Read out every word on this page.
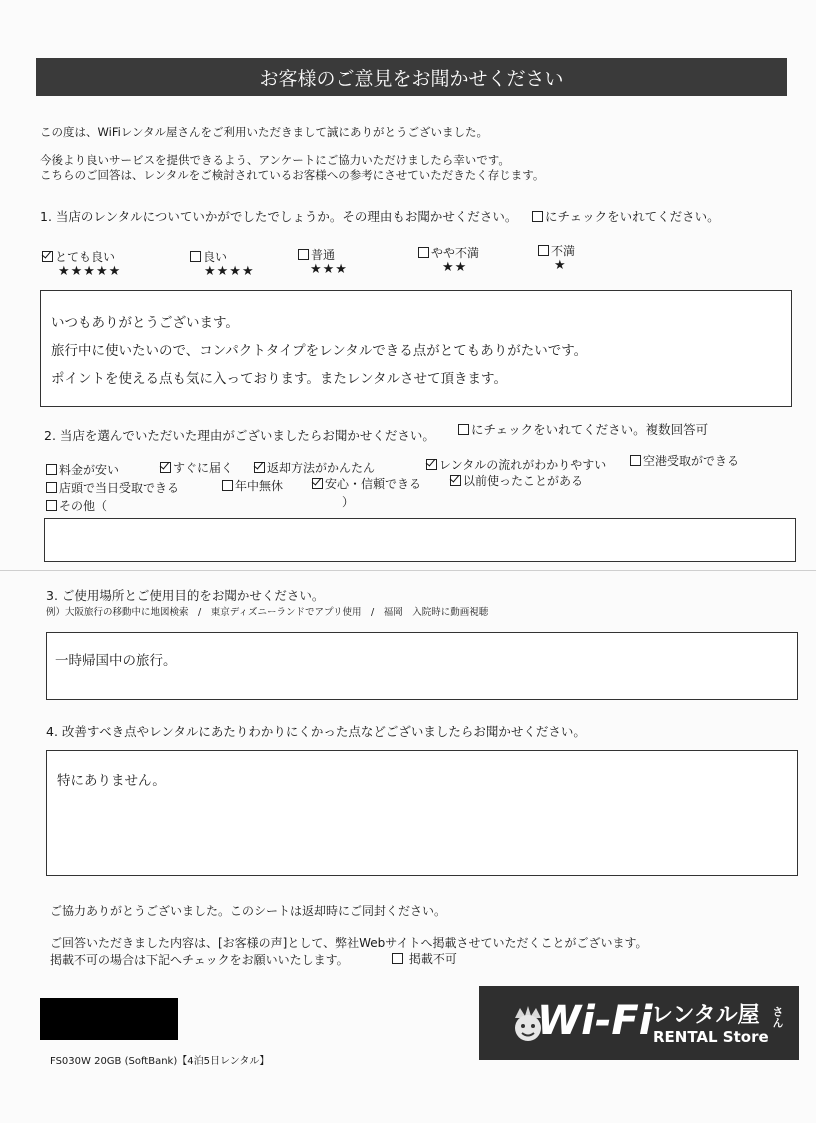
お客様のご意見をお聞かせください
この度は、WiFiレンタル屋さんをご利用いただきまして誠にありがとうございました。
今後より良いサービスを提供できるよう、アンケートにご協力いただけましたら幸いです。
こちらのご回答は、レンタルをご検討されているお客様への参考にさせていただきたく存じます。
1. 当店のレンタルについていかがでしたでしょうか。その理由もお聞かせください。	にチェックをいれてください。
とても良い
★★★★★
良い
★★★★
普通
★★★
やや不満
★★
不満
★
いつもありがとうございます。
旅行中に使いたいので、コンパクトタイプをレンタルできる点がとてもありがたいです。
ポイントを使える点も気に入っております。またレンタルさせて頂きます。
2. 当店を選んでいただいた理由がございましたらお聞かせください。	にチェックをいれてください。複数回答可
料金が安い	すぐに届く	返却方法がかんたん	レンタルの流れがわかりやすい	空港受取ができる
店頭で当日受取できる	年中無休	安心・信頼できる	以前使ったことがある
その他（	）
3. ご使用場所とご使用目的をお聞かせください。
例）大阪旅行の移動中に地図検索　/　東京ディズニーランドでアプリ使用　/　福岡　入院時に動画視聴
一時帰国中の旅行。
4. 改善すべき点やレンタルにあたりわかりにくかった点などございましたらお聞かせください。
特にありません。
ご協力ありがとうございました。このシートは返却時にご同封ください。
ご回答いただきました内容は、[お客様の声]として、弊社Webサイトへ掲載させていただくことがございます。
掲載不可の場合は下記へチェックをお願いいたします。	掲載不可
Wi-Fi
レンタル屋 さん
RENTAL Store
FS030W 20GB (SoftBank)【4泊5日レンタル】
